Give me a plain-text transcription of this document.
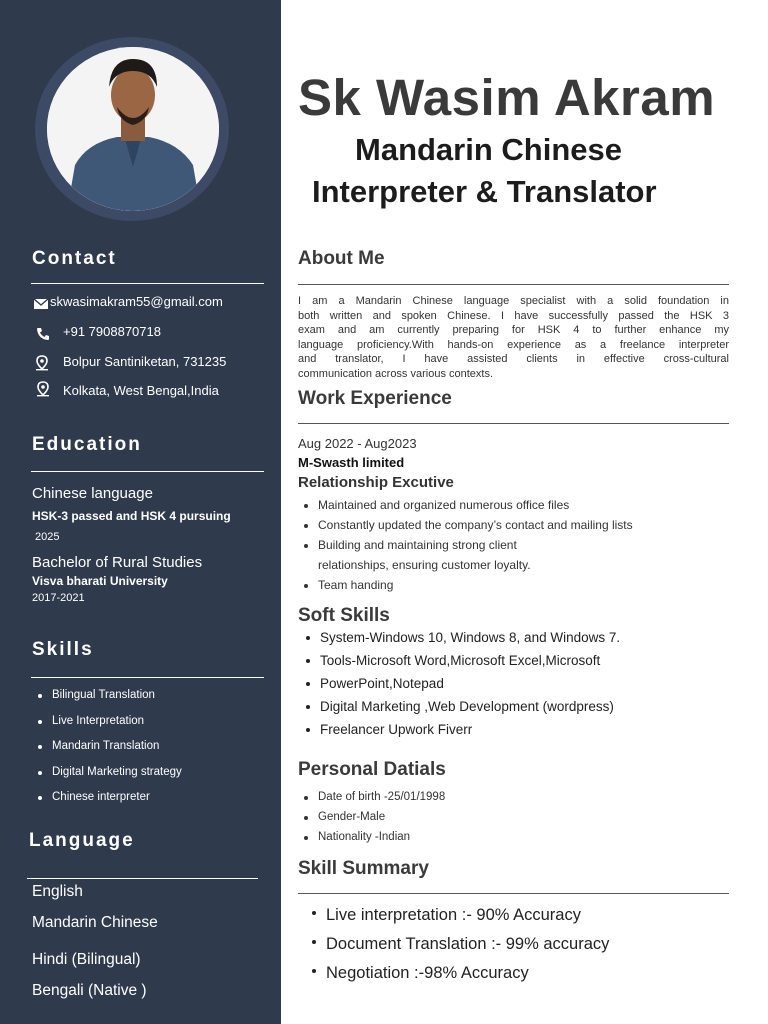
Contact
skwasimakram55@gmail.com
+91 7908870718
Bolpur Santiniketan, 731235
Kolkata, West Bengal,India
Education
Chinese language
HSK-3 passed and HSK 4 pursuing
2025
Bachelor of Rural Studies
Visva bharati University
2017-2021
Skills
Bilingual Translation
Live Interpretation
Mandarin Translation
Digital Marketing strategy
Chinese interpreter
Language
English
Mandarin Chinese
Hindi (Bilingual)
Bengali (Native )
Sk Wasim Akram
Mandarin Chinese
Interpreter & Translator
About Me
I am a Mandarin Chinese language specialist with a solid foundation in
both written and spoken Chinese. I have successfully passed the HSK 3
exam and am currently preparing for HSK 4 to further enhance my
language proficiency.With hands-on experience as a freelance interpreter
and translator, I have assisted clients in effective cross-cultural
communication across various contexts.
Work Experience
Aug 2022 - Aug2023
M-Swasth limited
Relationship Excutive
Maintained and organized numerous office files
Constantly updated the company’s contact and mailing lists
Building and maintaining strong client
relationships, ensuring customer loyalty.
Team handing
Soft Skills
System-Windows 10, Windows 8, and Windows 7.
Tools-Microsoft Word,Microsoft Excel,Microsoft
PowerPoint,Notepad
Digital Marketing ,Web Development (wordpress)
Freelancer Upwork Fiverr
Personal Datials
Date of birth -25/01/1998
Gender-Male
Nationality -Indian
Skill Summary
Live interpretation :- 90% Accuracy
Document Translation :- 99% accuracy
Negotiation :-98% Accuracy
